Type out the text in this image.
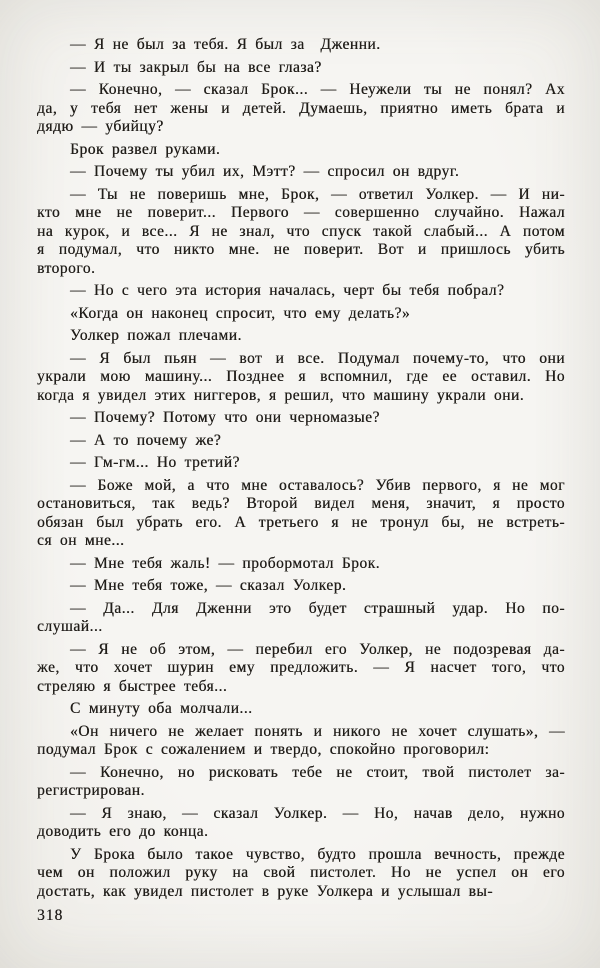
— Я не был за тебя. Я был за  Дженни.

— И ты закрыл бы на все глаза?

— Конечно, — сказал Брок... — Неужели ты не понял? Ах
да, у тебя нет жены и детей. Думаешь, приятно иметь брата и
дядю — убийцу?

Брок развел руками.

— Почему ты убил их, Мэтт? — спросил он вдруг.

— Ты не поверишь мне, Брок, — ответил Уолкер. — И ни-
кто мне не поверит... Первого — совершенно случайно. Нажал
на курок, и все... Я не знал, что спуск такой слабый... А потом
я подумал, что никто мне. не поверит. Вот и пришлось убить
второго.

— Но с чего эта история началась, черт бы тебя побрал?

«Когда он наконец спросит, что ему делать?»

Уолкер пожал плечами.

— Я был пьян — вот и все. Подумал почему-то, что они
украли мою машину... Позднее я вспомнил, где ее оставил. Но
когда я увидел этих ниггеров, я решил, что машину украли они.

— Почему? Потому что они черномазые?

— А то почему же?

— Гм-гм... Но третий?

— Боже мой, а что мне оставалось? Убив первого, я не мог
остановиться, так ведь? Второй видел меня, значит, я просто
обязан был убрать его. А третьего я не тронул бы, не встреть-
ся он мне...

— Мне тебя жаль! — пробормотал Брок.

— Мне тебя тоже, — сказал Уолкер.

— Да... Для Дженни это будет страшный удар. Но по-
слушай...

— Я не об этом, — перебил его Уолкер, не подозревая да-
же, что хочет шурин ему предложить. — Я насчет того, что
стреляю я быстрее тебя...

С минуту оба молчали...

«Он ничего не желает понять и никого не хочет слушать», —
подумал Брок с сожалением и твердо, спокойно проговорил:

— Конечно, но рисковать тебе не стоит, твой пистолет за-
регистрирован.

— Я знаю, — сказал Уолкер. — Но, начав дело, нужно
доводить его до конца.

У Брока было такое чувство, будто прошла вечность, прежде
чем он положил руку на свой пистолет. Но не успел он его
достать, как увидел пистолет в руке Уолкера и услышал вы-

318
